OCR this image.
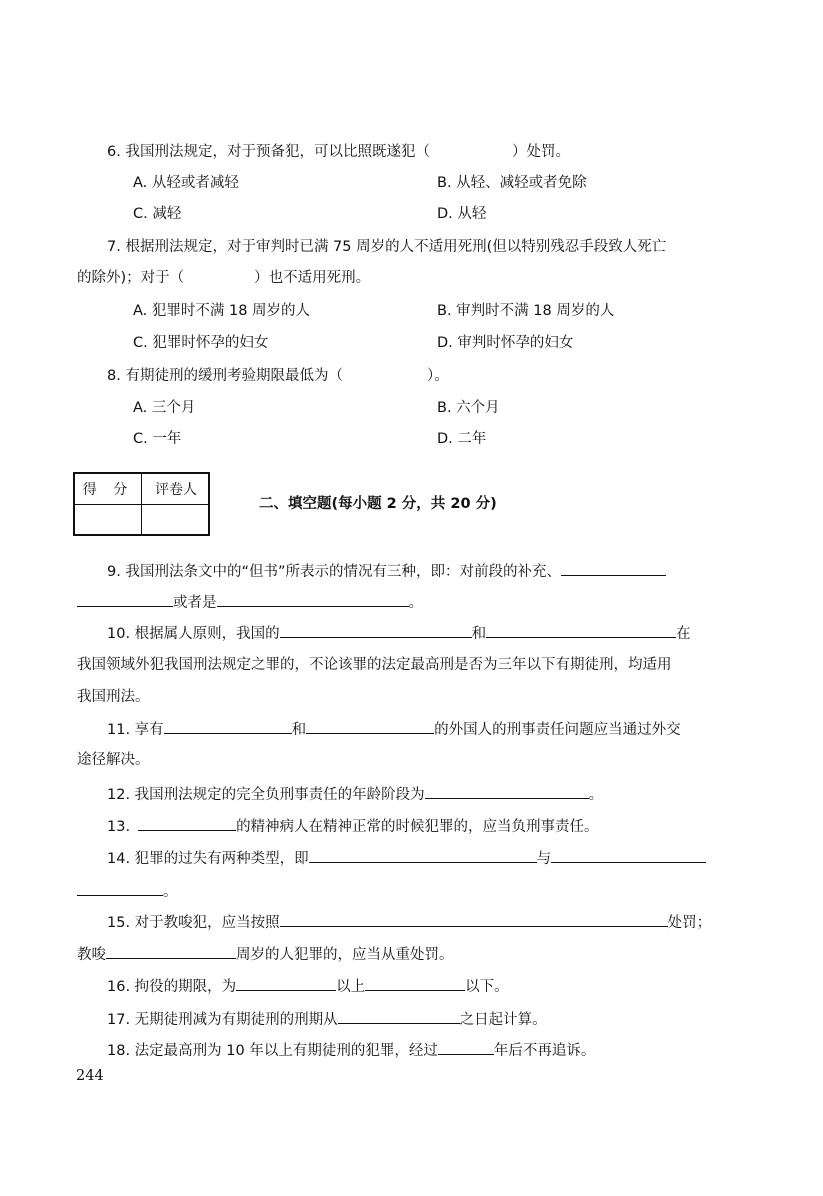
6. 我国刑法规定，对于预备犯，可以比照既遂犯（	）处罚。
A. 从轻或者减轻	B. 从轻、减轻或者免除
C. 减轻	D. 从轻
7. 根据刑法规定，对于审判时已满 75 周岁的人不适用死刑(但以特别残忍手段致人死亡
的除外)；对于（	）也不适用死刑。
A. 犯罪时不满 18 周岁的人	B. 审判时不满 18 周岁的人
C. 犯罪时怀孕的妇女	D. 审判时怀孕的妇女
8. 有期徒刑的缓刑考验期限最低为（	）。
A. 三个月	B. 六个月
C. 一年	D. 二年
得 分	评卷人
二、填空题(每小题 2 分，共 20 分)
9. 我国刑法条文中的“但书”所表示的情况有三种，即：对前段的补充、
或者是	。
10. 根据属人原则，我国的	和	在
我国领域外犯我国刑法规定之罪的，不论该罪的法定最高刑是否为三年以下有期徒刑，均适用
我国刑法。
11. 享有	和	的外国人的刑事责任问题应当通过外交
途径解决。
12. 我国刑法规定的完全负刑事责任的年龄阶段为	。
13.	的精神病人在精神正常的时候犯罪的，应当负刑事责任。
14. 犯罪的过失有两种类型，即	与
。
15. 对于教唆犯，应当按照	处罚；
教唆	周岁的人犯罪的，应当从重处罚。
16. 拘役的期限，为	以上	以下。
17. 无期徒刑减为有期徒刑的刑期从	之日起计算。
18. 法定最高刑为 10 年以上有期徒刑的犯罪，经过	年后不再追诉。
244
